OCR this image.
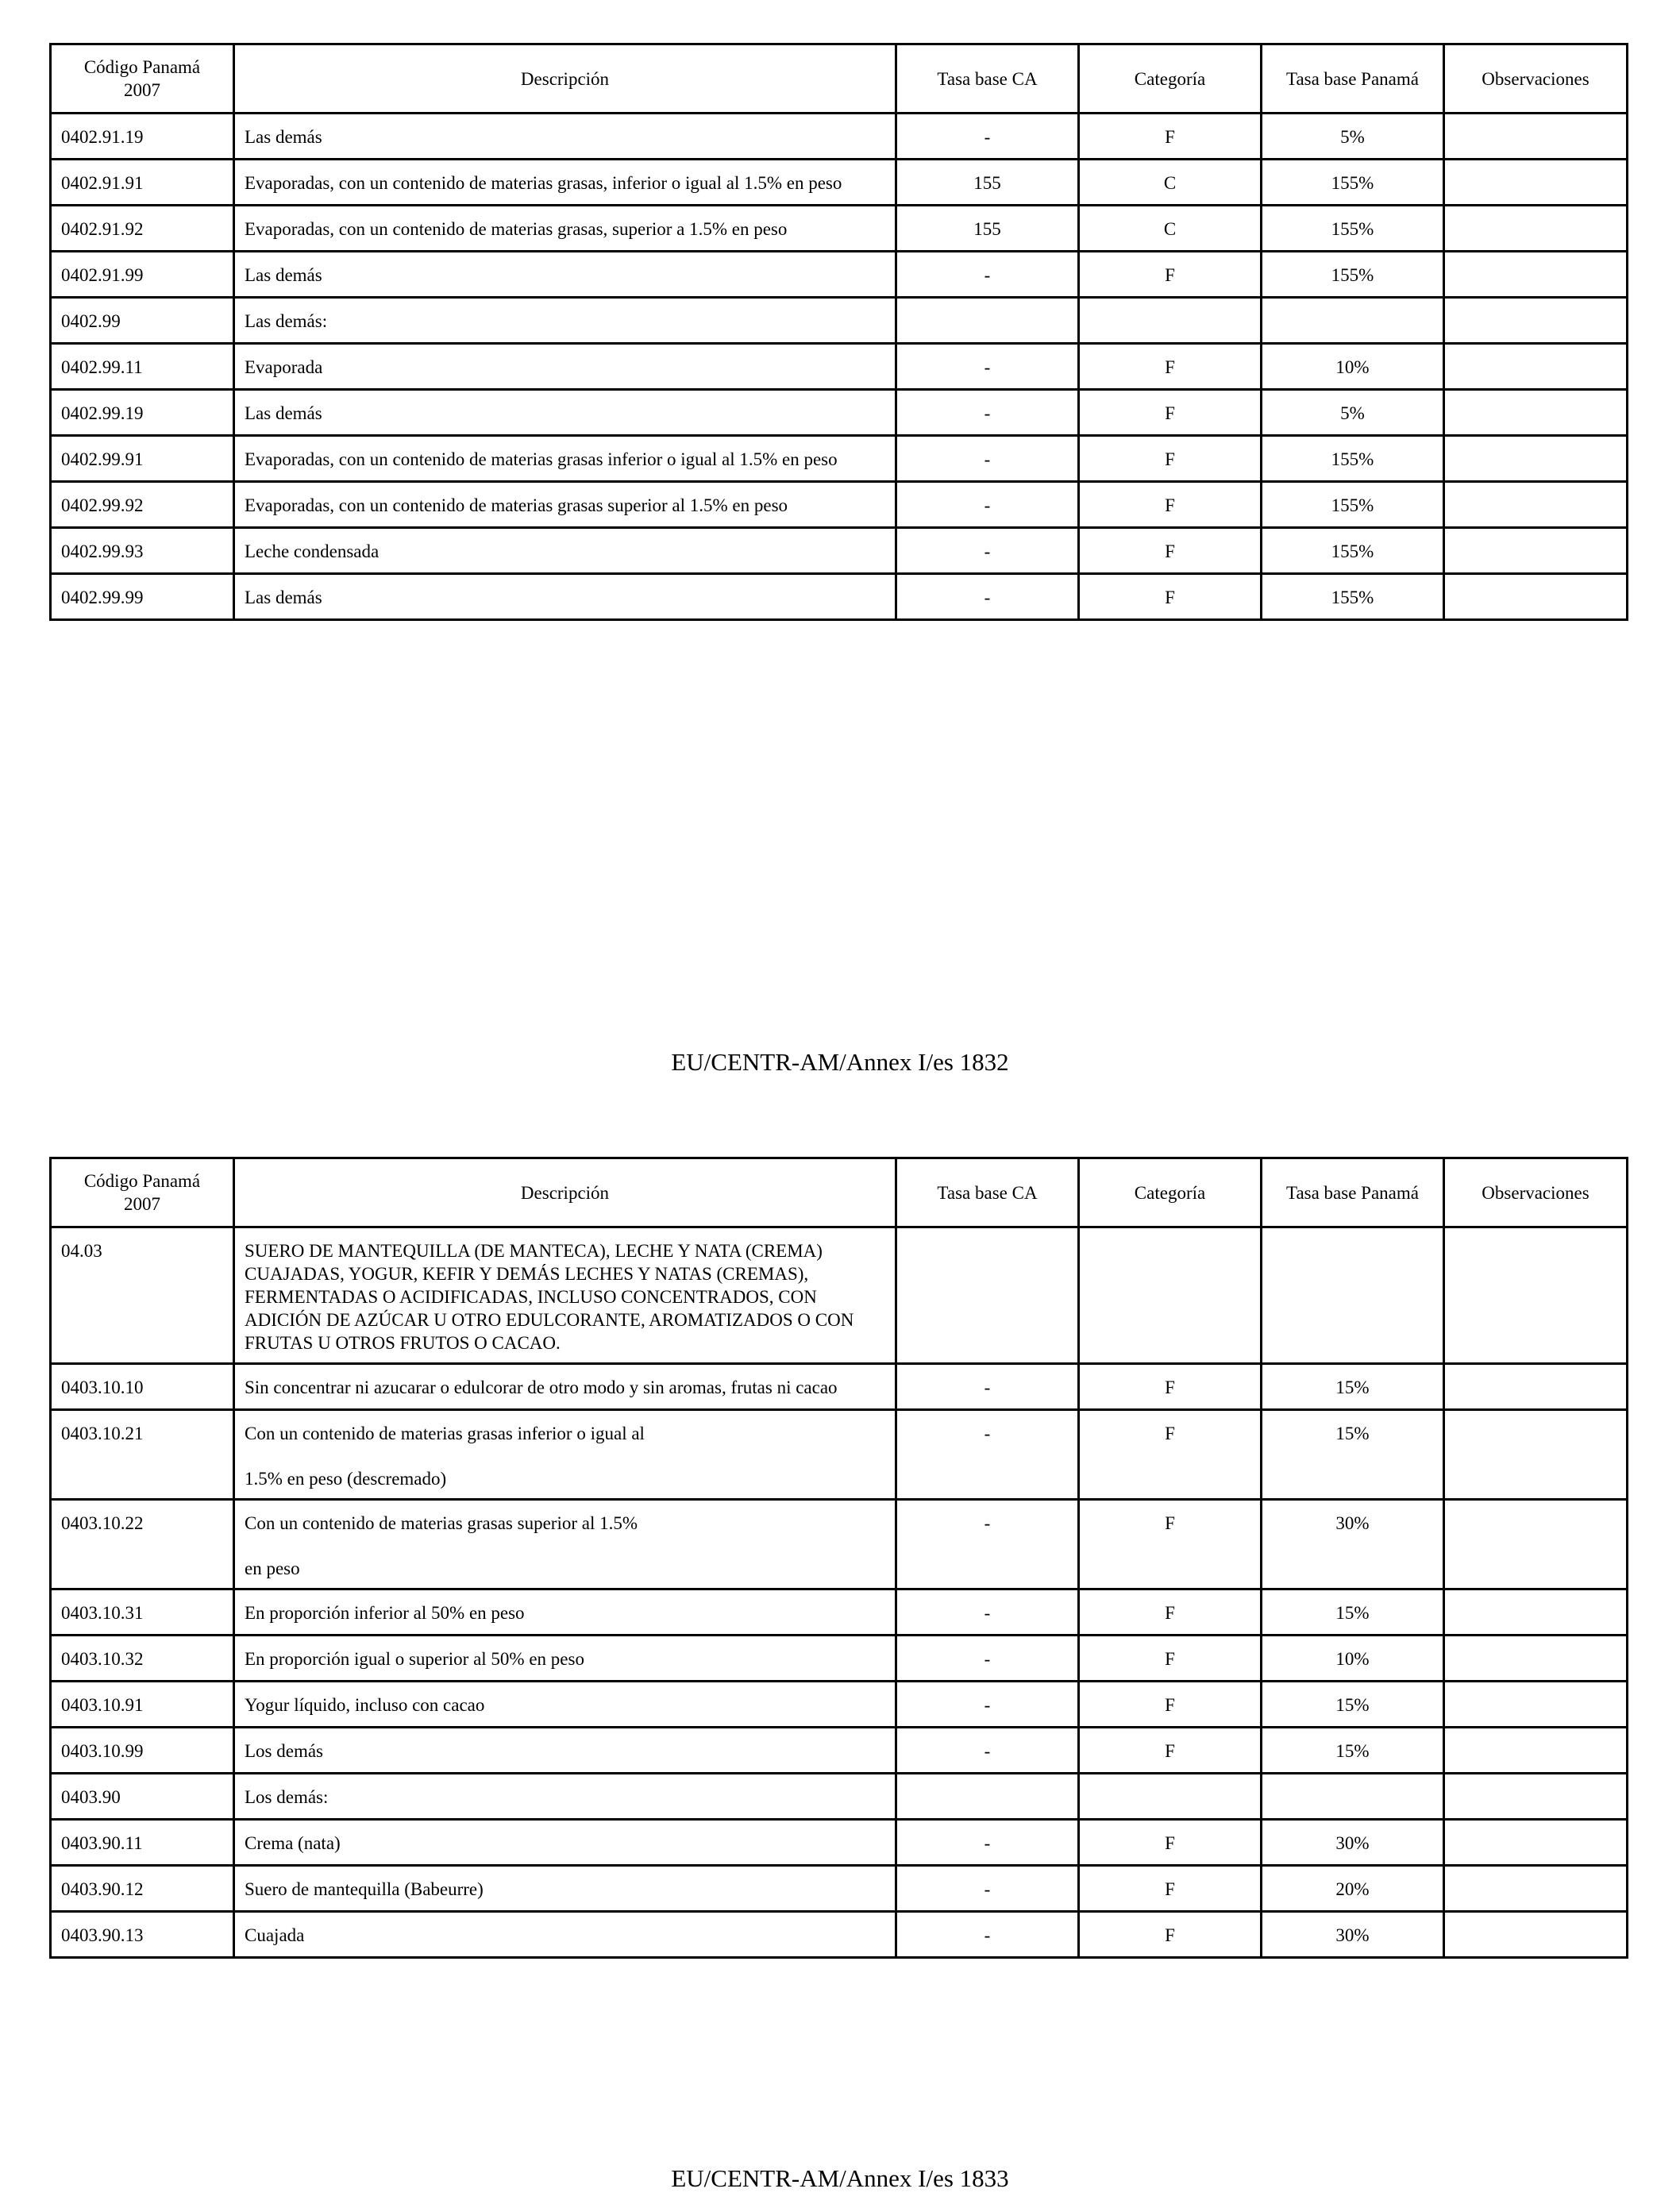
Código Panamá
2007	Descripción	Tasa base CA	Categoría	Tasa base Panamá	Observaciones
0402.91.19	Las demás	-	F	5%	
0402.91.91	Evaporadas, con un contenido de materias grasas, inferior o igual al 1.5% en peso	155	C	155%	
0402.91.92	Evaporadas, con un contenido de materias grasas, superior a 1.5% en peso	155	C	155%	
0402.91.99	Las demás	-	F	155%	
0402.99	Las demás:				

0402.99.11	Evaporada	-	F	10%	
0402.99.19	Las demás	-	F	5%	
0402.99.91	Evaporadas, con un contenido de materias grasas inferior o igual al 1.5% en peso	-	F	155%	
0402.99.92	Evaporadas, con un contenido de materias grasas superior al 1.5% en peso	-	F	155%	
0402.99.93	Leche condensada	-	F	155%	
0402.99.99	Las demás	-	F	155%	
EU/CENTR-AM/Annex I/es 1832
Código Panamá
2007	Descripción	Tasa base CA	Categoría	Tasa base Panamá	Observaciones
04.03	SUERO DE MANTEQUILLA (DE MANTECA), LECHE Y NATA (CREMA) CUAJADAS, YOGUR, KEFIR Y DEMÁS LECHES Y NATAS (CREMAS), FERMENTADAS O ACIDIFICADAS, INCLUSO CONCENTRADOS, CON ADICIÓN DE AZÚCAR U OTRO EDULCORANTE, AROMATIZADOS O CON FRUTAS U OTROS FRUTOS O CACAO.				

0403.10.10	Sin concentrar ni azucarar o edulcorar de otro modo y sin aromas, frutas ni cacao	-	F	15%	
0403.10.21	Con un contenido de materias grasas inferior o igual al
1.5% en peso (descremado)	-	F	15%	
0403.10.22	Con un contenido de materias grasas superior al 1.5%
en peso	-	F	30%	
0403.10.31	En proporción inferior al 50% en peso	-	F	15%	
0403.10.32	En proporción igual o superior al 50% en peso	-	F	10%	
0403.10.91	Yogur líquido, incluso con cacao	-	F	15%	
0403.10.99	Los demás	-	F	15%	
0403.90	Los demás:				

0403.90.11	Crema (nata)	-	F	30%	
0403.90.12	Suero de mantequilla (Babeurre)	-	F	20%	
0403.90.13	Cuajada	-	F	30%	
EU/CENTR-AM/Annex I/es 1833
